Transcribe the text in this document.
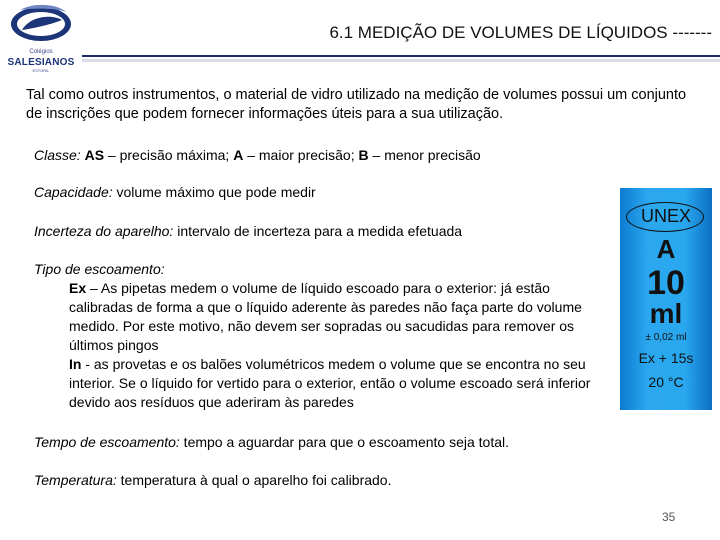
Colégios
SALESIANOS
ESTORIL
6.1 MEDIÇÃO DE VOLUMES DE LÍQUIDOS -------
Tal como outros instrumentos, o material de vidro utilizado na medição de volumes possui um conjunto de inscrições que podem fornecer informações úteis para a sua utilização.
Classe: AS – precisão máxima; A – maior precisão; B – menor precisão
Capacidade: volume máximo que pode medir
Incerteza do aparelho: intervalo de incerteza para a medida efetuada
Tipo de escoamento:
Ex – As pipetas medem o volume de líquido escoado para o exterior: já estão calibradas de forma a que o líquido aderente às paredes não faça parte do volume medido. Por este motivo, não devem ser sopradas ou sacudidas para remover os últimos pingos
In - as provetas e os balões volumétricos medem o volume que se encontra no seu interior. Se o líquido for vertido para o exterior, então o volume escoado será inferior devido aos resíduos que aderiram às paredes
Tempo de escoamento: tempo a aguardar para que o escoamento seja total.
Temperatura: temperatura à qual o aparelho foi calibrado.
UNEX
A
10
ml
± 0,02 ml
Ex + 15s
20 °C
35
